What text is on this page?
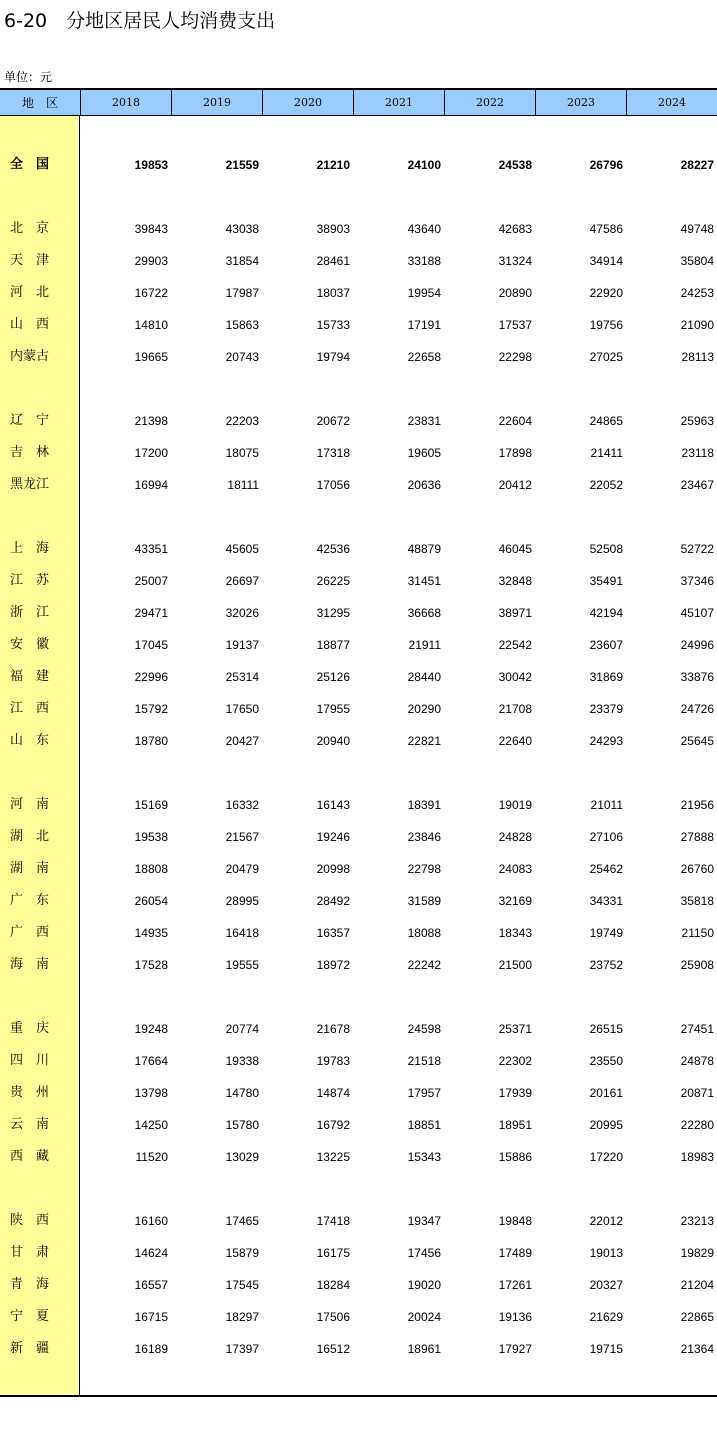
6-20　分地区居民人均消费支出
单位：元
地　区	2018	2019	2020	2021	2022	2023	2024
全　国	19853	21559	21210	24100	24538	26796	28227
北　京	39843	43038	38903	43640	42683	47586	49748
天　津	29903	31854	28461	33188	31324	34914	35804
河　北	16722	17987	18037	19954	20890	22920	24253
山　西	14810	15863	15733	17191	17537	19756	21090
内蒙古	19665	20743	19794	22658	22298	27025	28113
辽　宁	21398	22203	20672	23831	22604	24865	25963
吉　林	17200	18075	17318	19605	17898	21411	23118
黑龙江	16994	18111	17056	20636	20412	22052	23467
上　海	43351	45605	42536	48879	46045	52508	52722
江　苏	25007	26697	26225	31451	32848	35491	37346
浙　江	29471	32026	31295	36668	38971	42194	45107
安　徽	17045	19137	18877	21911	22542	23607	24996
福　建	22996	25314	25126	28440	30042	31869	33876
江　西	15792	17650	17955	20290	21708	23379	24726
山　东	18780	20427	20940	22821	22640	24293	25645
河　南	15169	16332	16143	18391	19019	21011	21956
湖　北	19538	21567	19246	23846	24828	27106	27888
湖　南	18808	20479	20998	22798	24083	25462	26760
广　东	26054	28995	28492	31589	32169	34331	35818
广　西	14935	16418	16357	18088	18343	19749	21150
海　南	17528	19555	18972	22242	21500	23752	25908
重　庆	19248	20774	21678	24598	25371	26515	27451
四　川	17664	19338	19783	21518	22302	23550	24878
贵　州	13798	14780	14874	17957	17939	20161	20871
云　南	14250	15780	16792	18851	18951	20995	22280
西　藏	11520	13029	13225	15343	15886	17220	18983
陕　西	16160	17465	17418	19347	19848	22012	23213
甘　肃	14624	15879	16175	17456	17489	19013	19829
青　海	16557	17545	18284	19020	17261	20327	21204
宁　夏	16715	18297	17506	20024	19136	21629	22865
新　疆	16189	17397	16512	18961	17927	19715	21364
